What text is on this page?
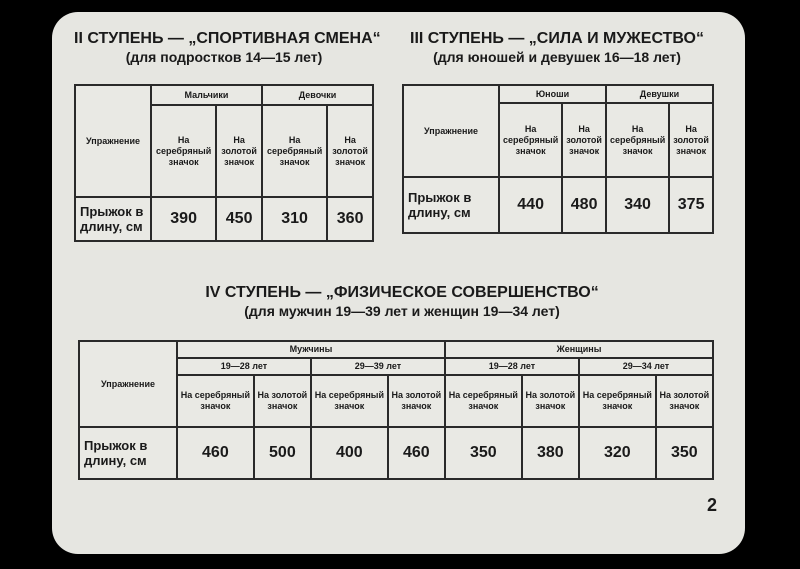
II СТУПЕНЬ — „СПОРТИВНАЯ СМЕНА“
(для подростков 14—15 лет)
III СТУПЕНЬ — „СИЛА И МУЖЕСТВО“
(для юношей и девушек 16—18 лет)
Упражнение	Мальчики		Девочки	
	На серебряный значок	На золотой значок	На серебряный значок	На золотой значок
Прыжок в длину, см	390	450	310	360
Упражнение	Юноши		Девушки	
	На серебряный значок	На золотой значок	На серебряный значок	На золотой значок
Прыжок в длину, см	440	480	340	375
IV СТУПЕНЬ — „ФИЗИЧЕСКОЕ СОВЕРШЕНСТВО“
(для мужчин 19—39 лет и женщин 19—34 лет)
Упражнение	Мужчины				Женщины			
	19—28 лет		29—39 лет		19—28 лет		29—34 лет	
	На серебряный значок	На золотой значок	На серебряный значок	На золотой значок	На серебряный значок	На золотой значок	На серебряный значок	На золотой значок
Прыжок в длину, см	460	500	400	460	350	380	320	350
2
